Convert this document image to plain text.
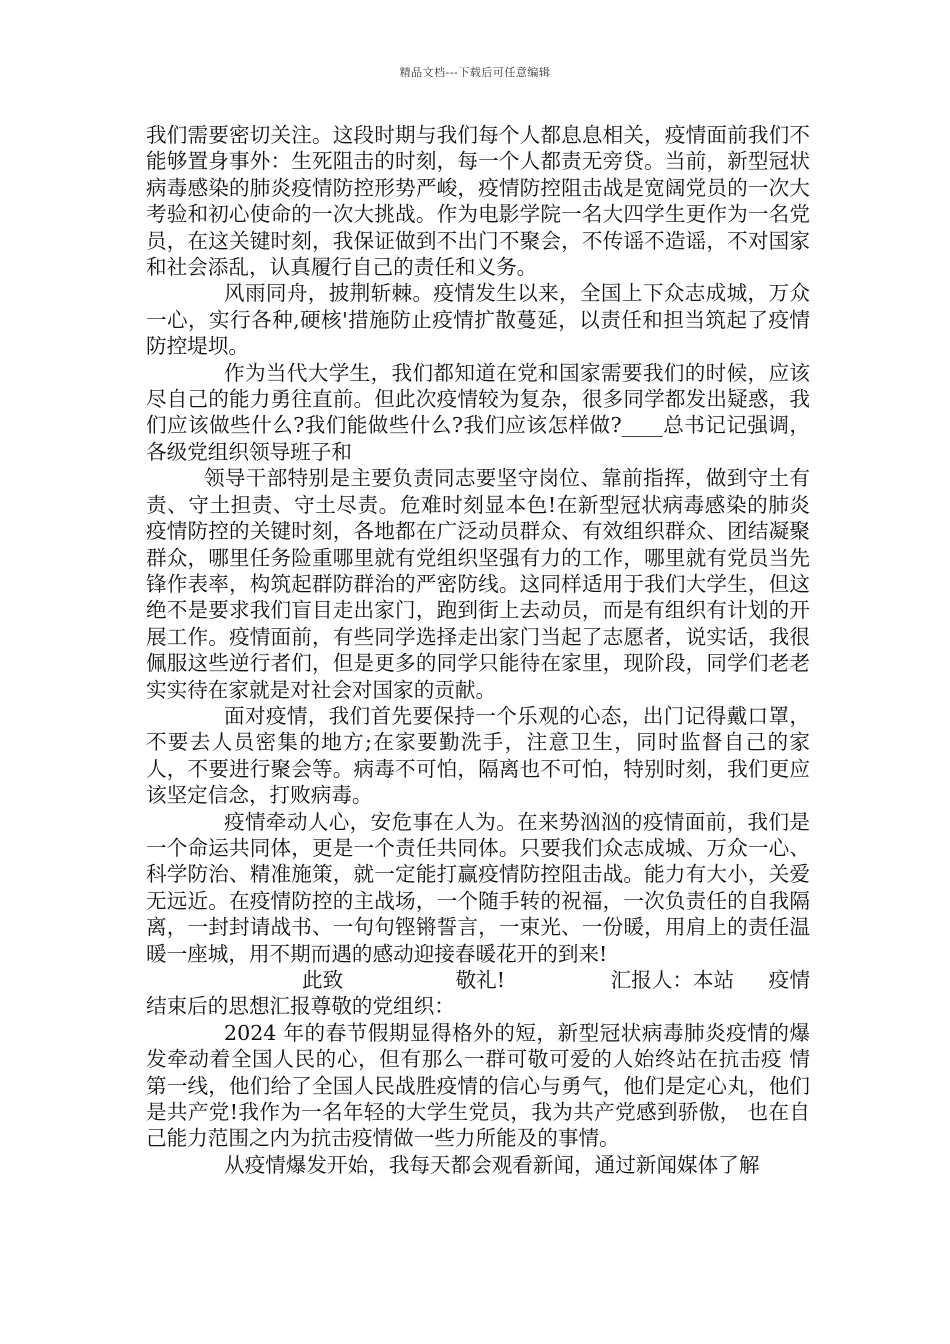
精品文档---下载后可任意编辑

我们需要密切关注。这段时期与我们每个人都息息相关，疫情面前我们不能够置身事外：生死阻击的时刻，每一个人都责无旁贷。当前，新型冠状病毒感染的肺炎疫情防控形势严峻，疫情防控阻击战是宽阔党员的一次大考验和初心使命的一次大挑战。作为电影学院一名大四学生更作为一名党员，在这关键时刻，我保证做到不出门不聚会，不传谣不造谣，不对国家和社会添乱，认真履行自己的责任和义务。

风雨同舟，披荆斩棘。疫情发生以来，全国上下众志成城，万众一心，实行各种,硬核'措施防止疫情扩散蔓延，以责任和担当筑起了疫情防控堤坝。

作为当代大学生，我们都知道在党和国家需要我们的时候，应该尽自己的能力勇往直前。但此次疫情较为复杂，很多同学都发出疑惑，我们应该做些什么?我们能做些什么?我们应该怎样做?____总书记记强调，各级党组织领导班子和

领导干部特别是主要负责同志要坚守岗位、靠前指挥，做到守土有责、守土担责、守土尽责。危难时刻显本色!在新型冠状病毒感染的肺炎疫情防控的关键时刻，各地都在广泛动员群众、有效组织群众、团结凝聚群众，哪里任务险重哪里就有党组织坚强有力的工作，哪里就有党员当先锋作表率，构筑起群防群治的严密防线。这同样适用于我们大学生，但这绝不是要求我们盲目走出家门，跑到街上去动员，而是有组织有计划的开展工作。疫情面前，有些同学选择走出家门当起了志愿者，说实话，我很佩服这些逆行者们，但是更多的同学只能待在家里，现阶段，同学们老老实实待在家就是对社会对国家的贡献。

面对疫情，我们首先要保持一个乐观的心态，出门记得戴口罩，不要去人员密集的地方;在家要勤洗手，注意卫生，同时监督自己的家人，不要进行聚会等。病毒不可怕，隔离也不可怕，特别时刻，我们更应该坚定信念，打败病毒。

疫情牵动人心，安危事在人为。在来势汹汹的疫情面前，我们是一个命运共同体，更是一个责任共同体。只要我们众志成城、万众一心、科学防治、精准施策，就一定能打赢疫情防控阻击战。能力有大小，关爱无远近。在疫情防控的主战场，一个随手转的祝福，一次负责任的自我隔离，一封封请战书、一句句铿锵誓言，一束光、一份暖，用肩上的责任温暖一座城，用不期而遇的感动迎接春暖花开的到来!

此致	敬礼!	汇报人：本站 疫情结束后的思想汇报尊敬的党组织：

2024 年的春节假期显得格外的短，新型冠状病毒肺炎疫情的爆发牵动着全国人民的心，但有那么一群可敬可爱的人始终站在抗击疫 情第一线，他们给了全国人民战胜疫情的信心与勇气，他们是定心丸，他们是共产党!我作为一名年轻的大学生党员，我为共产党感到骄傲， 也在自己能力范围之内为抗击疫情做一些力所能及的事情。

从疫情爆发开始，我每天都会观看新闻，通过新闻媒体了解
